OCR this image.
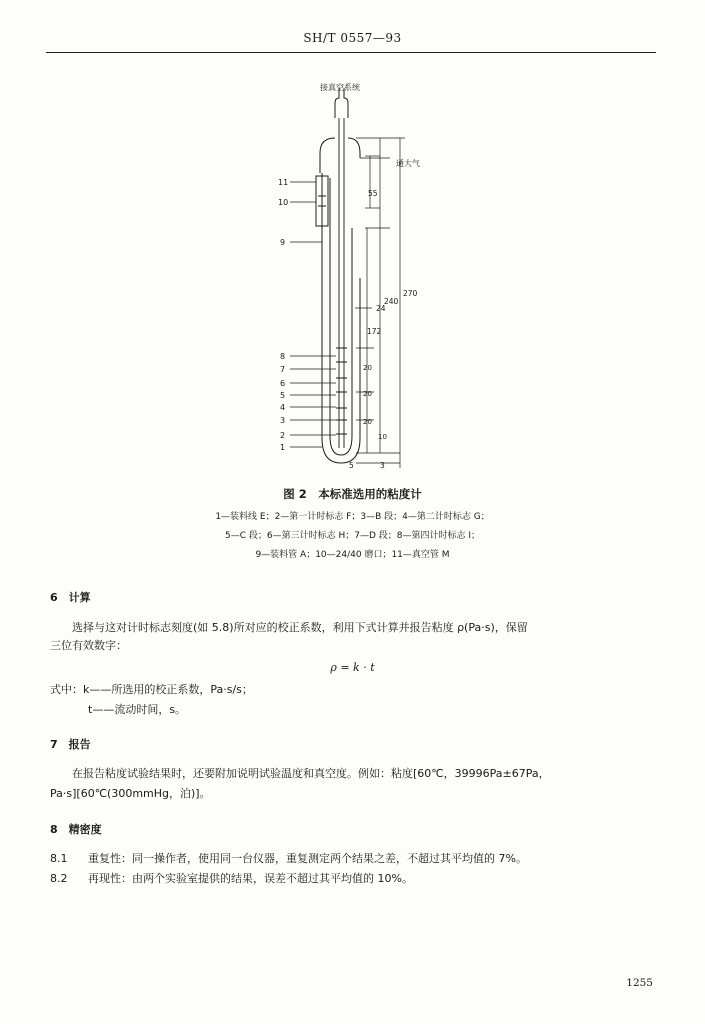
SH/T 0557—93
接真空系统
通大气
55
24
172
240
270
20
20
20
10
5	3
11
10
9
8
7
6
5
4
3
2
1
图 2　本标准选用的粘度计
1—装料线 E；2—第一计时标志 F；3—B 段；4—第二计时标志 G；
5—C 段；6—第三计时标志 H；7—D 段；8—第四计时标志 I；
9—装料管 A；10—24/40 磨口；11—真空管 M
6　计算
选择与这对计时标志刻度(如 5.8)所对应的校正系数，利用下式计算并报告粘度 ρ(Pa·s)，保留
三位有效数字：
ρ = k · t
式中：k——所选用的校正系数，Pa·s/s；
t——流动时间，s。
7　报告
在报告粘度试验结果时，还要附加说明试验温度和真空度。例如：粘度[60℃，39996Pa±67Pa，
Pa·s][60℃(300mmHg，泊)]。
8　精密度
8.1 重复性：同一操作者，使用同一台仪器，重复测定两个结果之差，不超过其平均值的 7%。
8.2 再现性：由两个实验室提供的结果，误差不超过其平均值的 10%。
1255
